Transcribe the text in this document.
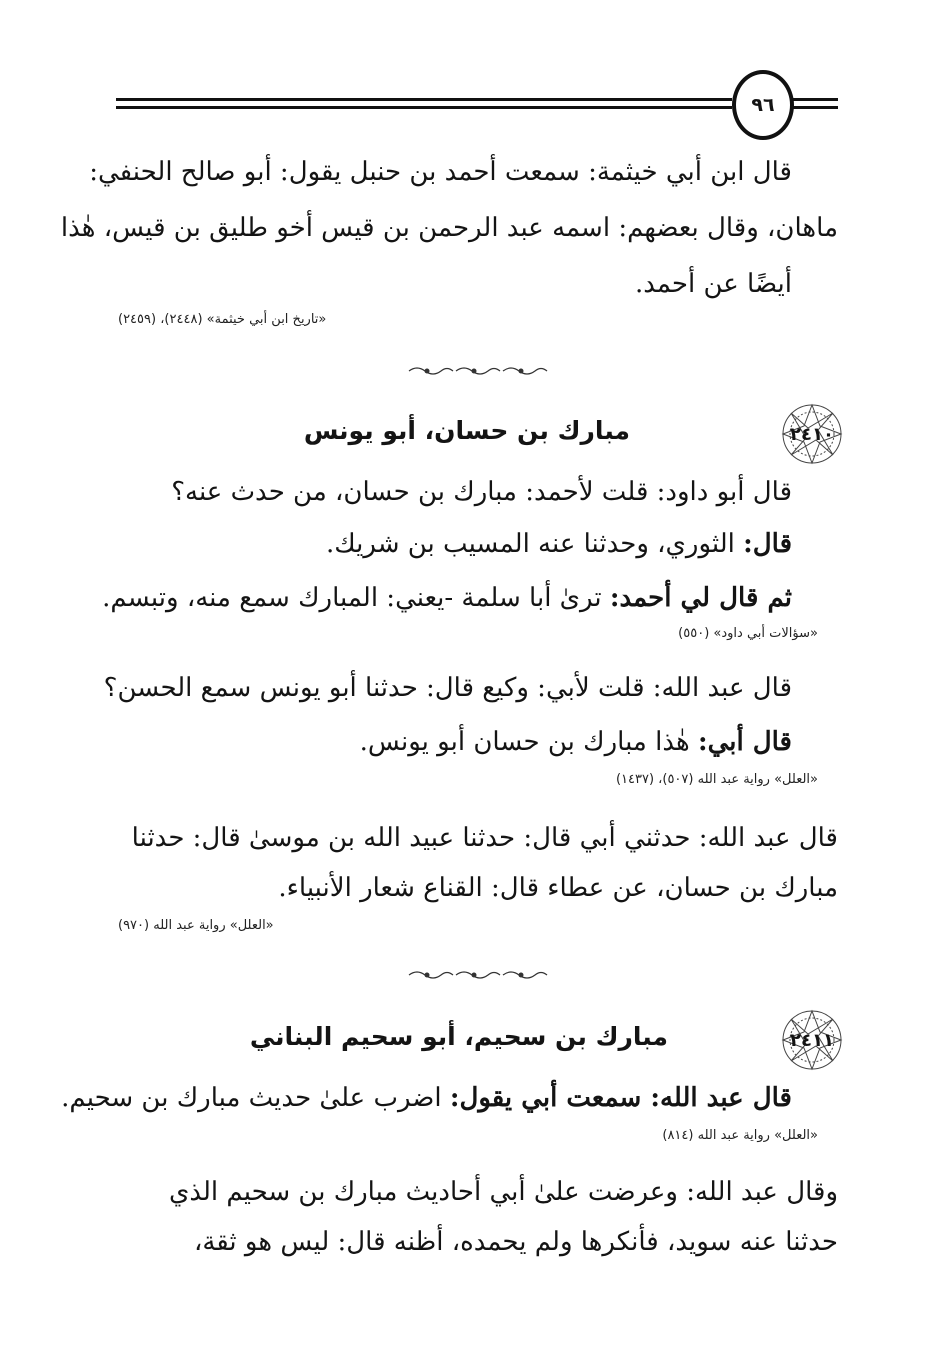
٩٦
قال ابن أبي خيثمة: سمعت أحمد بن حنبل يقول: أبو صالح الحنفي:
ماهان، وقال بعضهم: اسمه عبد الرحمن بن قيس أخو طليق بن قيس، هٰذا
أيضًا عن أحمد.
«تاريخ ابن أبي خيثمة» (٢٤٤٨)، (٢٤٥٩)
٢٤١٠
مبارك بن حسان، أبو يونس
قال أبو داود: قلت لأحمد: مبارك بن حسان، من حدث عنه؟
قال: الثوري، وحدثنا عنه المسيب بن شريك.
ثم قال لي أحمد: ترىٰ أبا سلمة -يعني: المبارك سمع منه، وتبسم.
«سؤالات أبي داود» (٥٥٠)
قال عبد الله: قلت لأبي: وكيع قال: حدثنا أبو يونس سمع الحسن؟
قال أبي: هٰذا مبارك بن حسان أبو يونس.
«العلل» رواية عبد الله (٥٠٧)، (١٤٣٧)
قال عبد الله: حدثني أبي قال: حدثنا عبيد الله بن موسىٰ قال: حدثنا
مبارك بن حسان، عن عطاء قال: القناع شعار الأنبياء.
«العلل» رواية عبد الله (٩٧٠)
٢٤١١
مبارك بن سحيم، أبو سحيم البناني
قال عبد الله: سمعت أبي يقول: اضرب علىٰ حديث مبارك بن سحيم.
«العلل» رواية عبد الله (٨١٤)
وقال عبد الله: وعرضت علىٰ أبي أحاديث مبارك بن سحيم الذي
حدثنا عنه سويد، فأنكرها ولم يحمده، أظنه قال: ليس هو ثقة،
